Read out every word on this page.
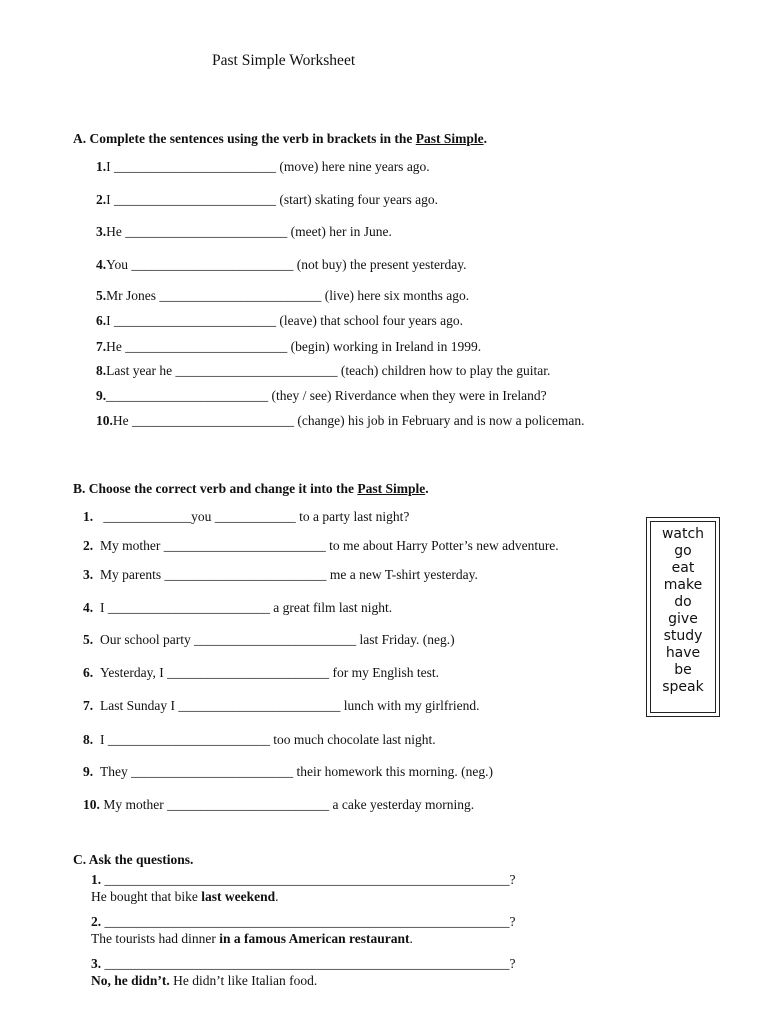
Past Simple Worksheet
A. Complete the sentences using the verb in brackets in the Past Simple.
1.I ________________________ (move) here nine years ago.
2.I ________________________ (start) skating four years ago.
3.He ________________________ (meet) her in June.
4.You ________________________ (not buy) the present yesterday.
5.Mr Jones ________________________ (live) here six months ago.
6.I ________________________ (leave) that school four years ago.
7.He ________________________ (begin) working in Ireland in 1999.
8.Last year he ________________________ (teach) children how to play the guitar.
9.________________________ (they / see) Riverdance when they were in Ireland?
10.He ________________________ (change) his job in February and is now a policeman.
B. Choose the correct verb and change it into the Past Simple.
1. _____________you ____________ to a party last night?
2. My mother ________________________ to me about Harry Potter’s new adventure.
3. My parents ________________________ me a new T-shirt yesterday.
4. I ________________________ a great film last night.
5. Our school party ________________________ last Friday. (neg.)
6. Yesterday, I ________________________ for my English test.
7. Last Sunday I ________________________ lunch with my girlfriend.
8. I ________________________ too much chocolate last night.
9. They ________________________ their homework this morning. (neg.)
10. My mother ________________________ a cake yesterday morning.
watch
go
eat
make
do
give
study
have
be
speak
C. Ask the questions.
1. ____________________________________________________________?
He bought that bike last weekend.
2. ____________________________________________________________?
The tourists had dinner in a famous American restaurant.
3. ____________________________________________________________?
No, he didn’t. He didn’t like Italian food.
